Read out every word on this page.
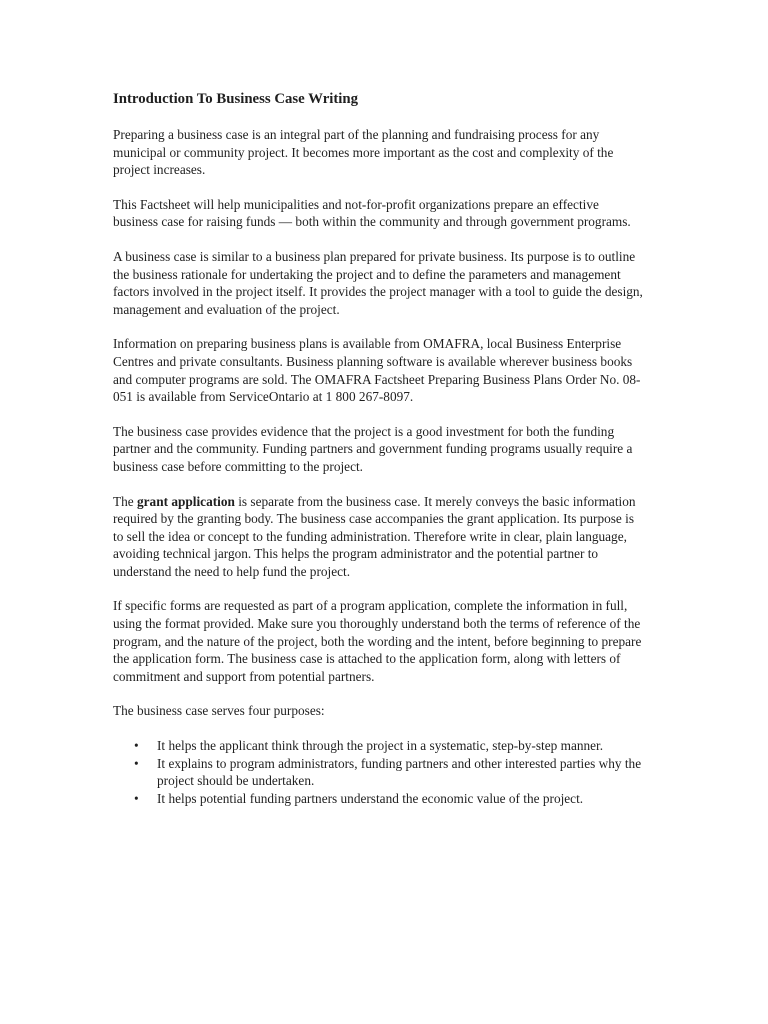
Introduction To Business Case Writing

Preparing a business case is an integral part of the planning and fundraising process for any municipal or community project. It becomes more important as the cost and complexity of the project increases.

This Factsheet will help municipalities and not-for-profit organizations prepare an effective business case for raising funds — both within the community and through government programs.

A business case is similar to a business plan prepared for private business. Its purpose is to outline the business rationale for undertaking the project and to define the parameters and management factors involved in the project itself. It provides the project manager with a tool to guide the design, management and evaluation of the project.

Information on preparing business plans is available from OMAFRA, local Business Enterprise Centres and private consultants. Business planning software is available wherever business books and computer programs are sold. The OMAFRA Factsheet Preparing Business Plans Order No. 08-051 is available from ServiceOntario at 1 800 267-8097.

The business case provides evidence that the project is a good investment for both the funding partner and the community. Funding partners and government funding programs usually require a business case before committing to the project.

The grant application is separate from the business case. It merely conveys the basic information required by the granting body. The business case accompanies the grant application. Its purpose is to sell the idea or concept to the funding administration. Therefore write in clear, plain language, avoiding technical jargon. This helps the program administrator and the potential partner to understand the need to help fund the project.

If specific forms are requested as part of a program application, complete the information in full, using the format provided. Make sure you thoroughly understand both the terms of reference of the program, and the nature of the project, both the wording and the intent, before beginning to prepare the application form. The business case is attached to the application form, along with letters of commitment and support from potential partners.

The business case serves four purposes:

• It helps the applicant think through the project in a systematic, step-by-step manner.
• It explains to program administrators, funding partners and other interested parties why the project should be undertaken.
• It helps potential funding partners understand the economic value of the project.
